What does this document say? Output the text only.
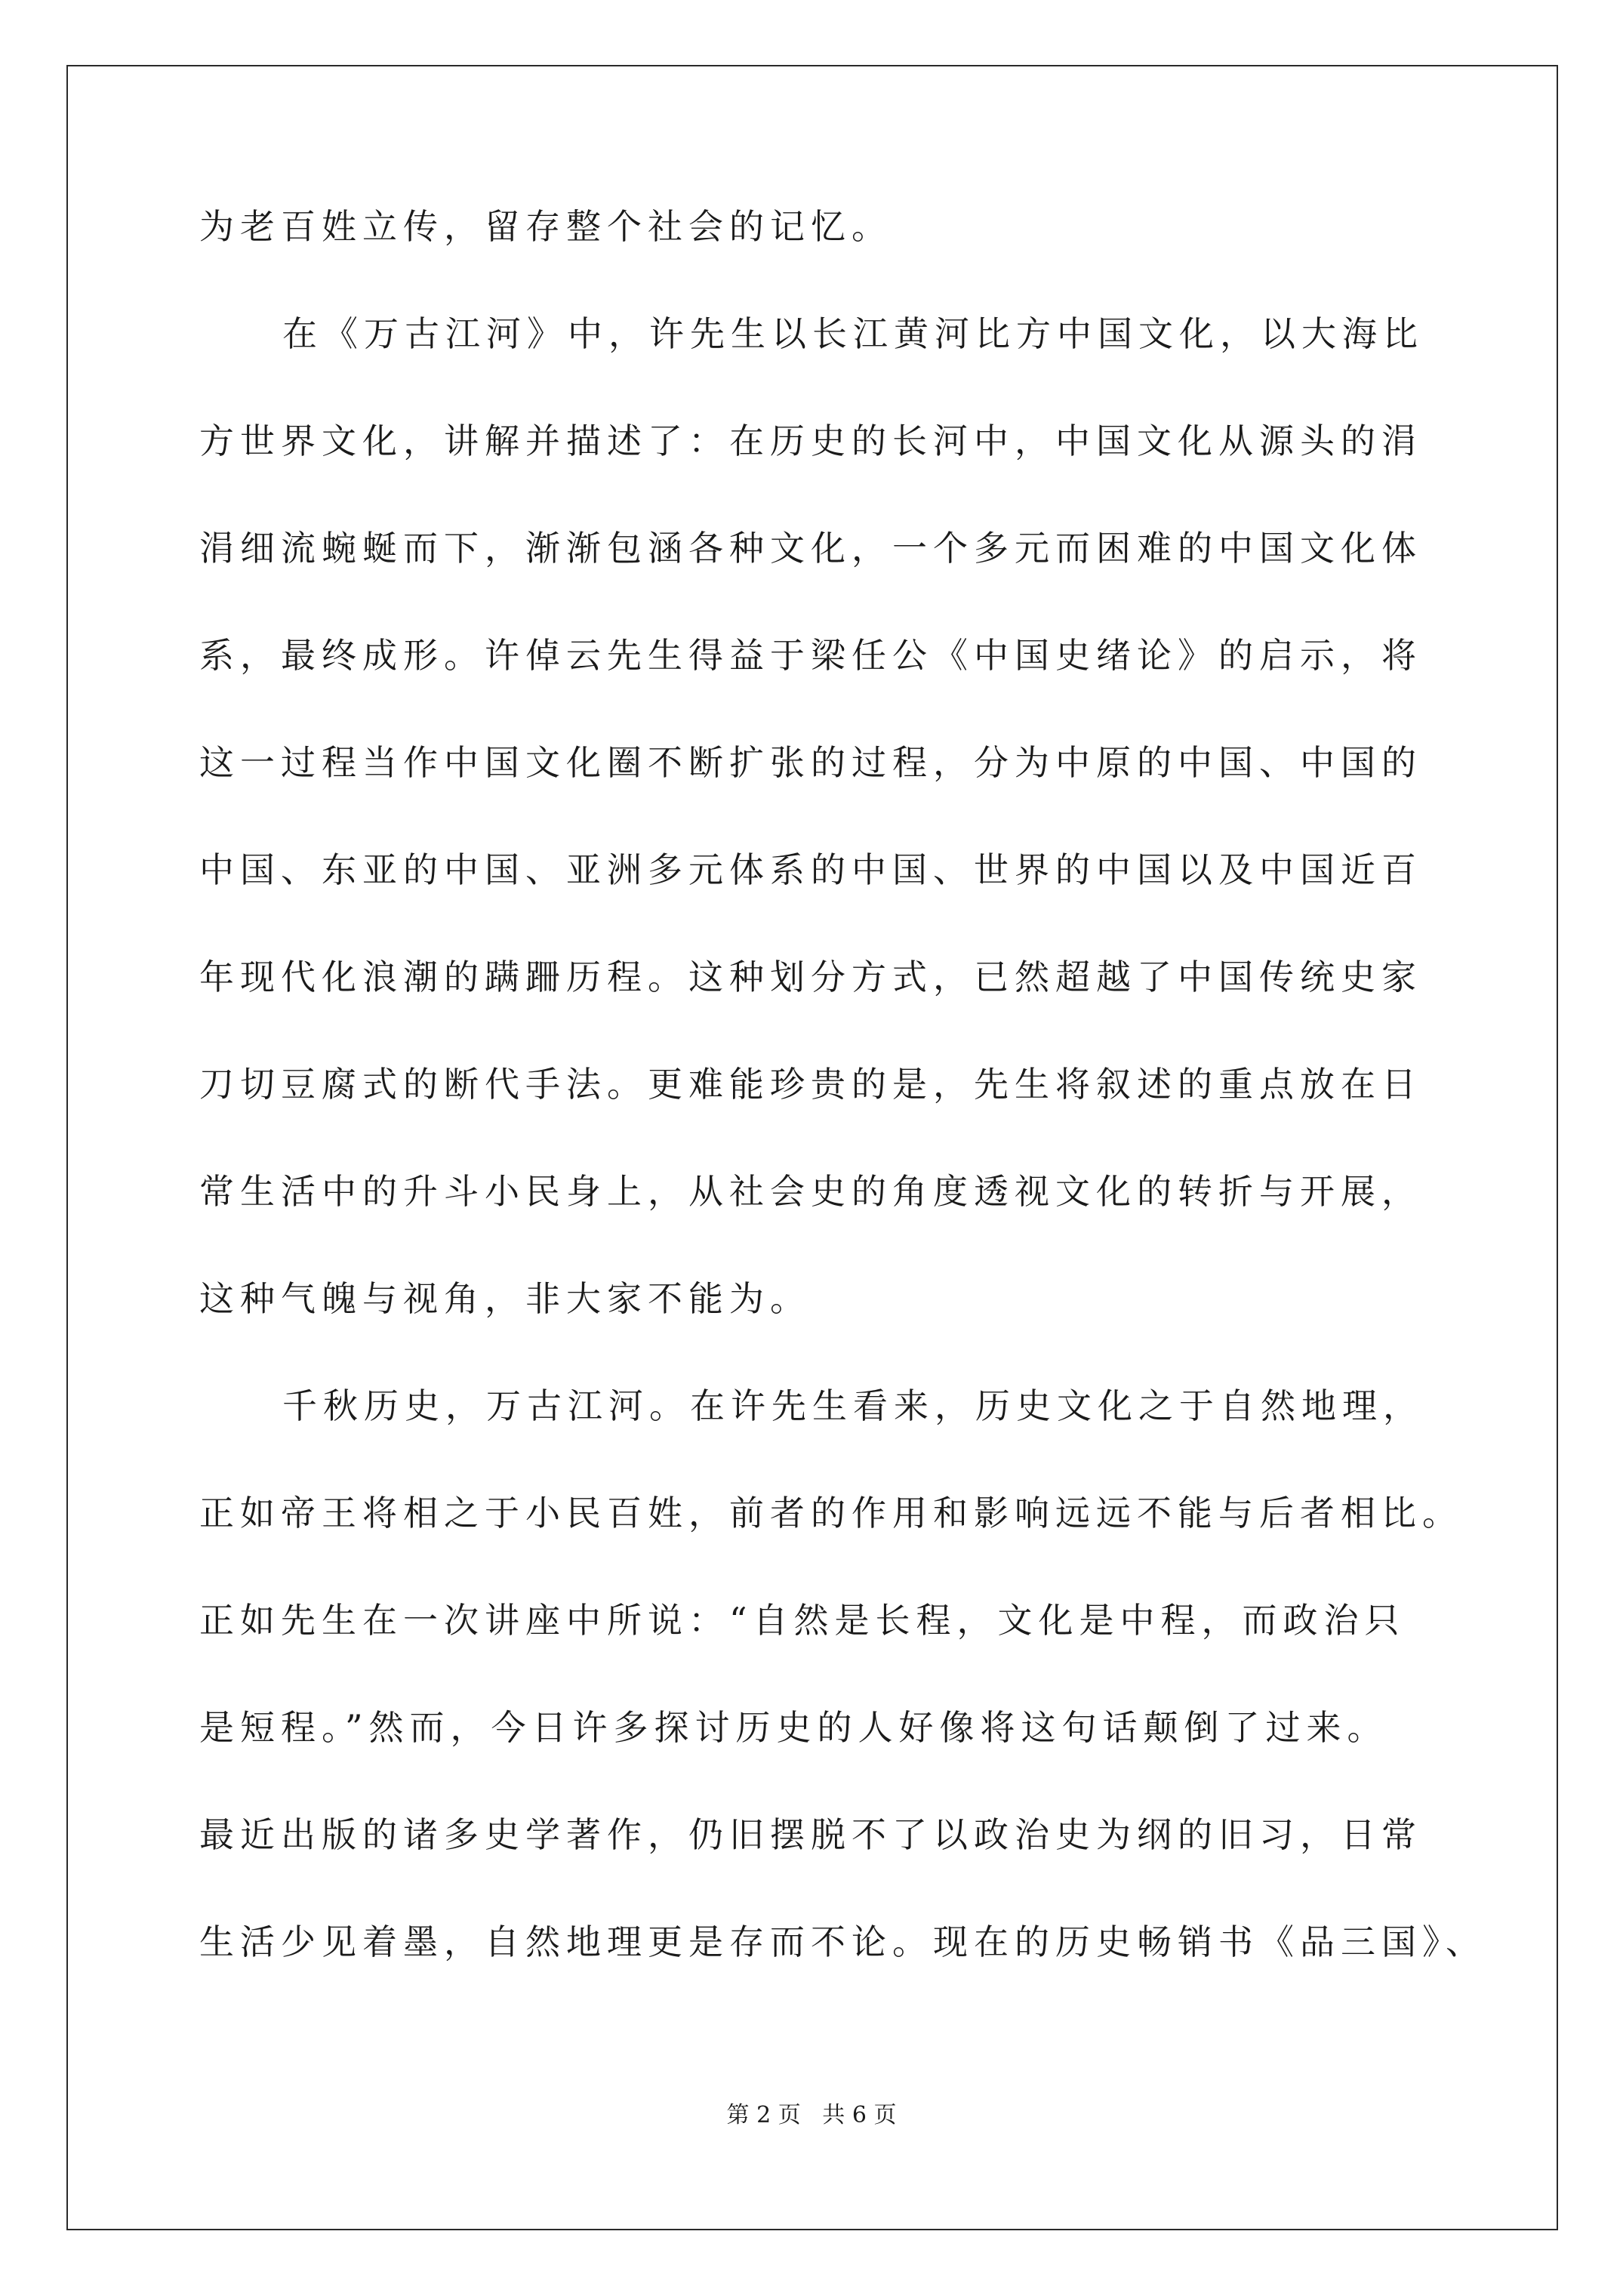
为老百姓立传，留存整个社会的记忆。
在《万古江河》中，许先生以长江黄河比方中国文化，以大海比
方世界文化，讲解并描述了：在历史的长河中，中国文化从源头的涓
涓细流蜿蜒而下，渐渐包涵各种文化，一个多元而困难的中国文化体
系，最终成形。许倬云先生得益于梁任公《中国史绪论》的启示，将
这一过程当作中国文化圈不断扩张的过程，分为中原的中国、中国的
中国、东亚的中国、亚洲多元体系的中国、世界的中国以及中国近百
年现代化浪潮的蹒跚历程。这种划分方式，已然超越了中国传统史家
刀切豆腐式的断代手法。更难能珍贵的是，先生将叙述的重点放在日
常生活中的升斗小民身上，从社会史的角度透视文化的转折与开展，
这种气魄与视角，非大家不能为。
千秋历史，万古江河。在许先生看来，历史文化之于自然地理，
正如帝王将相之于小民百姓，前者的作用和影响远远不能与后者相比。
正如先生在一次讲座中所说：“自然是长程，文化是中程，而政治只
是短程。”然而，今日许多探讨历史的人好像将这句话颠倒了过来。
最近出版的诸多史学著作，仍旧摆脱不了以政治史为纲的旧习，日常
生活少见着墨，自然地理更是存而不论。现在的历史畅销书《品三国》、
第 2 页   共 6 页
